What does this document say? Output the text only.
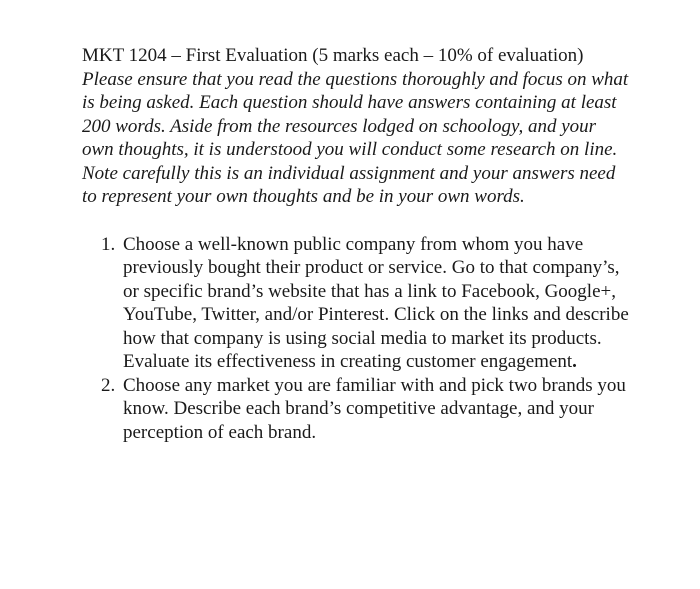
MKT 1204 – First Evaluation (5 marks each – 10% of evaluation)

Please ensure that you read the questions thoroughly and focus on what is being asked. Each question should have answers containing at least 200 words. Aside from the resources lodged on schoology, and your own thoughts, it is understood you will conduct some research on line. Note carefully this is an individual assignment and your answers need to represent your own thoughts and be in your own words.

1. Choose a well-known public company from whom you have previously bought their product or service. Go to that company’s, or specific brand’s website that has a link to Facebook, Google+, YouTube, Twitter, and/or Pinterest. Click on the links and describe how that company is using social media to market its products. Evaluate its effectiveness in creating customer engagement.
2. Choose any market you are familiar with and pick two brands you know. Describe each brand’s competitive advantage, and your perception of each brand.
